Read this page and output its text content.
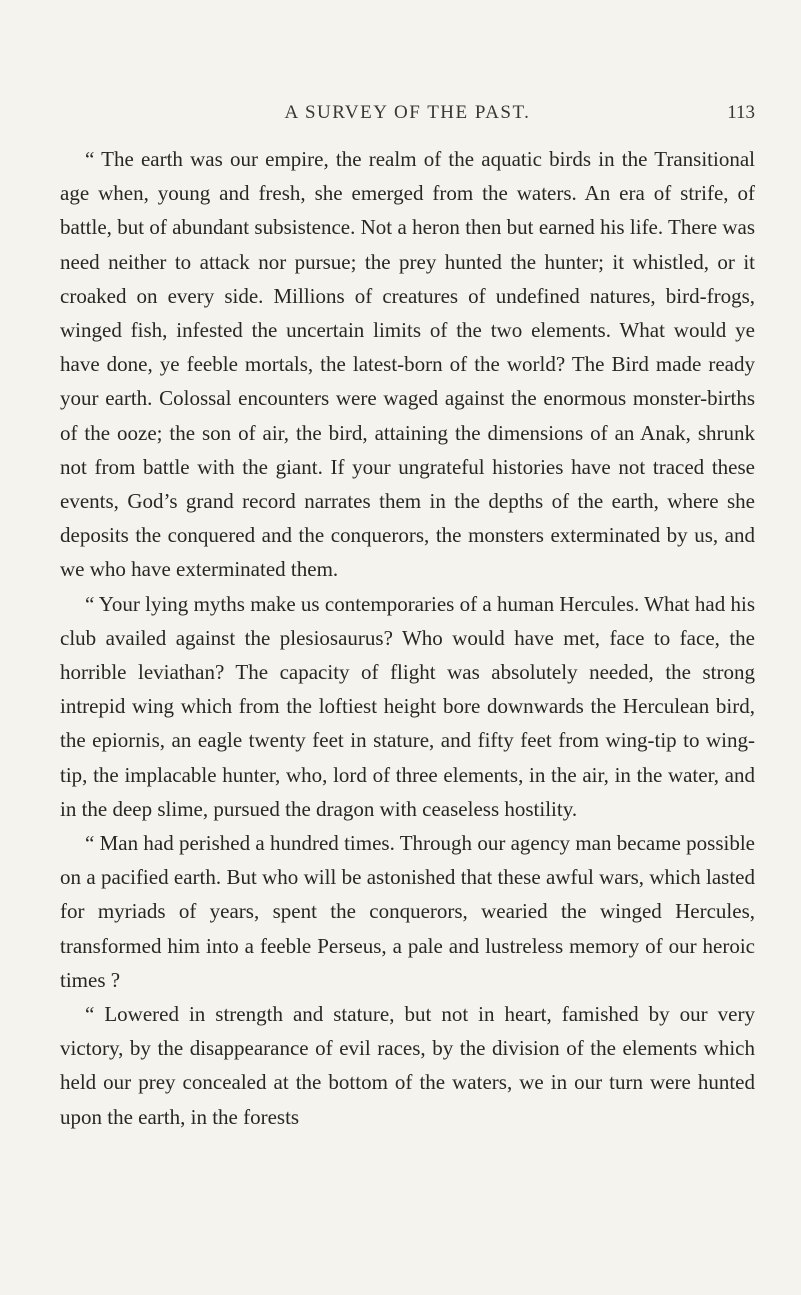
A SURVEY OF THE PAST.	113

“ The earth was our empire, the realm of the aquatic birds in the Transitional age when, young and fresh, she emerged from the waters. An era of strife, of battle, but of abundant subsistence. Not a heron then but earned his life. There was need neither to attack nor pursue; the prey hunted the hunter; it whistled, or it croaked on every side. Millions of creatures of undefined natures, bird-frogs, winged fish, infested the uncertain limits of the two elements. What would ye have done, ye feeble mortals, the latest-born of the world? The Bird made ready your earth. Colossal encounters were waged against the enormous monster-births of the ooze; the son of air, the bird, attaining the dimensions of an Anak, shrunk not from battle with the giant. If your ungrateful histories have not traced these events, God’s grand record narrates them in the depths of the earth, where she deposits the conquered and the conquerors, the monsters exterminated by us, and we who have exterminated them.

“ Your lying myths make us contemporaries of a human Hercules. What had his club availed against the plesiosaurus? Who would have met, face to face, the horrible leviathan? The capacity of flight was absolutely needed, the strong intrepid wing which from the loftiest height bore downwards the Herculean bird, the epiornis, an eagle twenty feet in stature, and fifty feet from wing-tip to wing-tip, the implacable hunter, who, lord of three elements, in the air, in the water, and in the deep slime, pursued the dragon with ceaseless hostility.

“ Man had perished a hundred times. Through our agency man became possible on a pacified earth. But who will be astonished that these awful wars, which lasted for myriads of years, spent the conquerors, wearied the winged Hercules, transformed him into a feeble Perseus, a pale and lustreless memory of our heroic times ?

“ Lowered in strength and stature, but not in heart, famished by our very victory, by the disappearance of evil races, by the division of the elements which held our prey concealed at the bottom of the waters, we in our turn were hunted upon the earth, in the forests
